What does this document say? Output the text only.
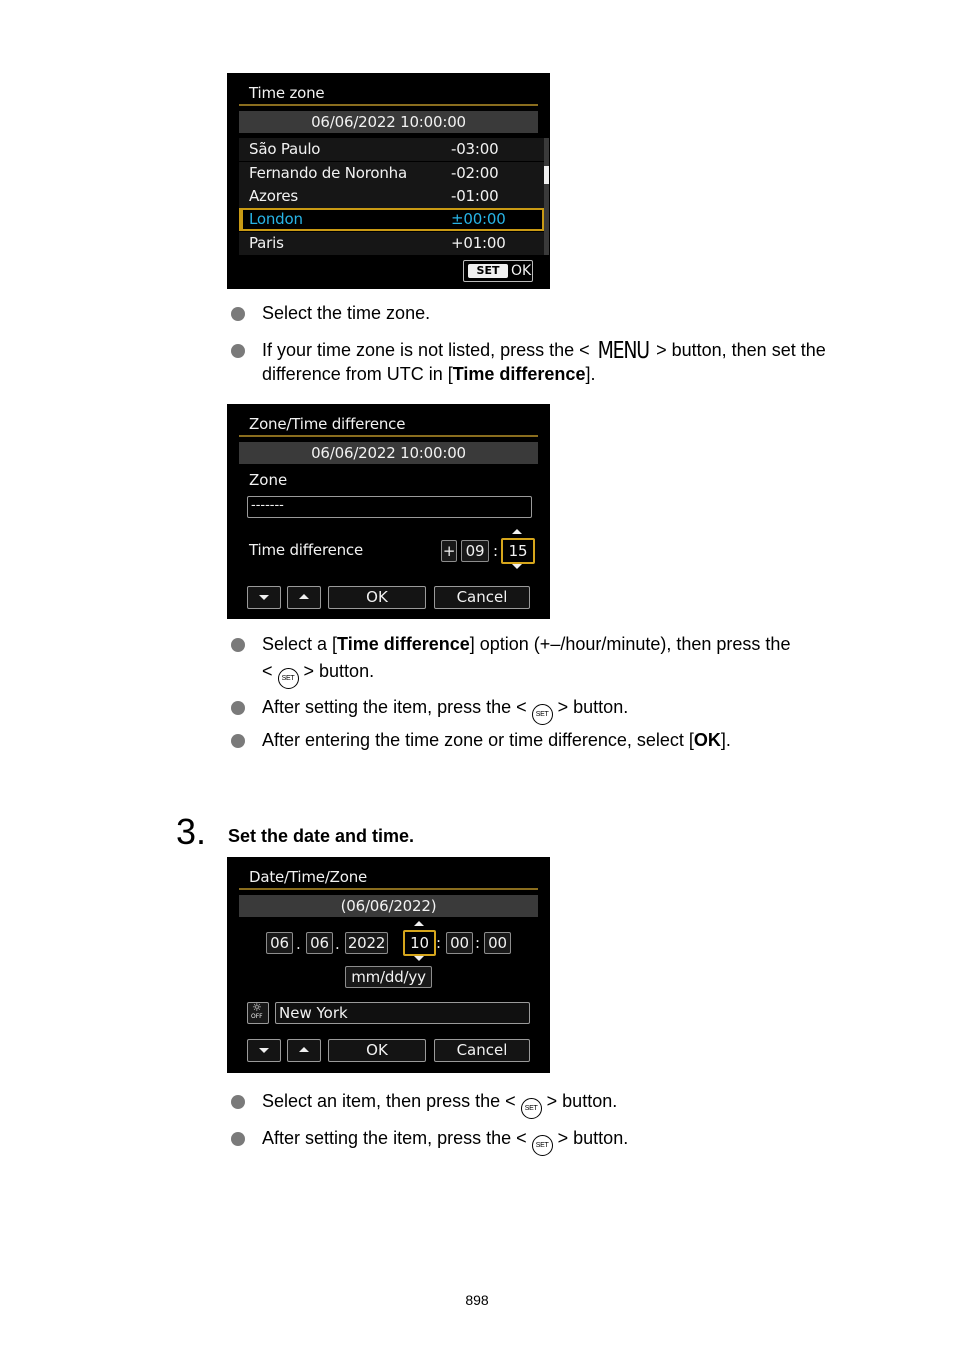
Time zone
06/06/2022 10:00:00
São Paulo	-03:00
Fernando de Noronha	-02:00
Azores	-01:00
London	±00:00
Paris	+01:00
SET OK
Select the time zone.
If your time zone is not listed, press the < MENU > button, then set the difference from UTC in [Time difference].
Zone/Time difference
06/06/2022 10:00:00
Zone
-------
Time difference	+ 09 : 15
OK	Cancel
Select a [Time difference] option (+–/hour/minute), then press the
< SET > button.
After setting the item, press the < SET > button.
After entering the time zone or time difference, select [OK].
3. Set the date and time.
Date/Time/Zone
(06/06/2022)
06 . 06 . 2022	10 : 00 : 00
mm/dd/yy
☼
OFF New York
OK	Cancel
Select an item, then press the < SET > button.
After setting the item, press the < SET > button.
898
